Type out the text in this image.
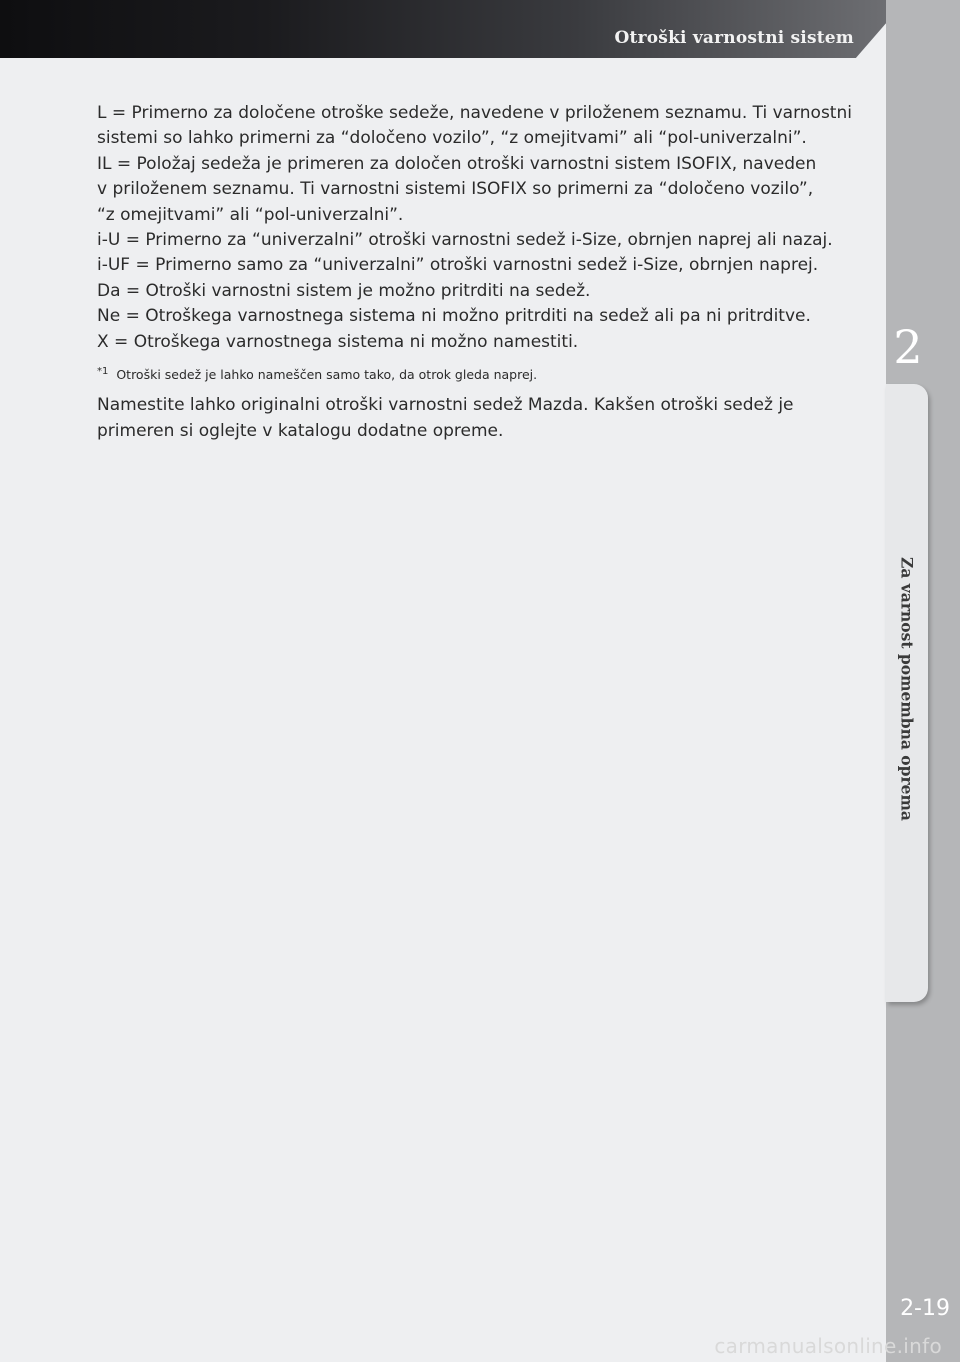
Otroški varnostni sistem
2
Za varnost pomembna oprema
2-19

L = Primerno za določene otroške sedeže, navedene v priloženem seznamu. Ti varnostni

sistemi so lahko primerni za “določeno vozilo”, “z omejitvami” ali “pol-univerzalni”.

IL = Položaj sedeža je primeren za določen otroški varnostni sistem ISOFIX, naveden

v priloženem seznamu. Ti varnostni sistemi ISOFIX so primerni za “določeno vozilo”,

“z omejitvami” ali “pol-univerzalni”.

i-U = Primerno za “univerzalni” otroški varnostni sedež i-Size, obrnjen naprej ali nazaj.

i-UF = Primerno samo za “univerzalni” otroški varnostni sedež i-Size, obrnjen naprej.

Da = Otroški varnostni sistem je možno pritrditi na sedež.

Ne = Otroškega varnostnega sistema ni možno pritrditi na sedež ali pa ni pritrditve.

X = Otroškega varnostnega sistema ni možno namestiti.

$^{*1}$ Otroški sedež je lahko nameščen samo tako, da otrok gleda naprej.

Namestite lahko originalni otroški varnostni sedež Mazda. Kakšen otroški sedež je

primeren si oglejte v katalogu dodatne opreme.

carmanualsonline.info
